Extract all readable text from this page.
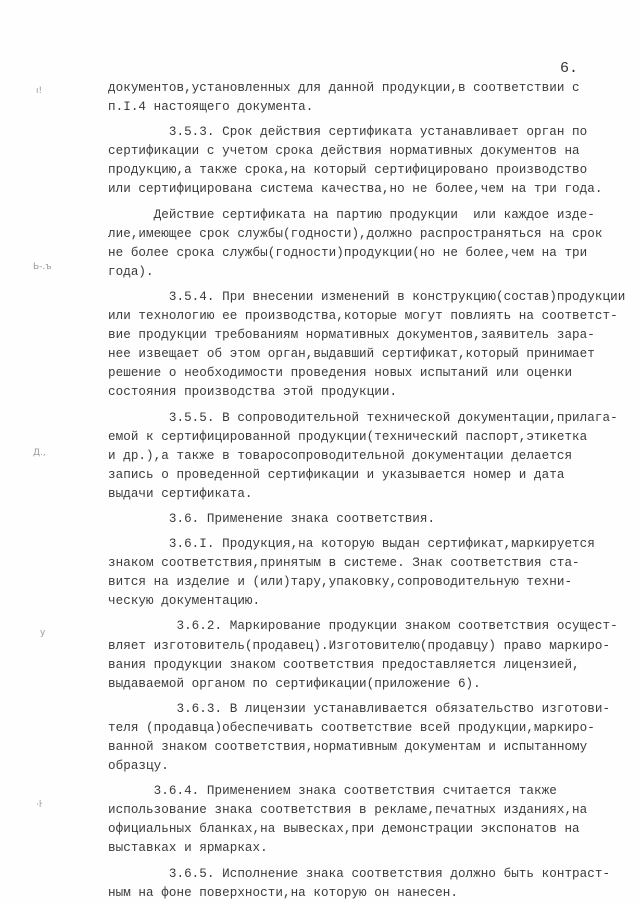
6.
ı!
Ь-.ъ
Д.,
у
·ŀ
документов,установленных для данной продукции,в соответствии с
п.I.4 настоящего документа.
3.5.3. Срок действия сертификата устанавливает орган по
сертификации с учетом срока действия нормативных документов на
продукцию,а также срока,на который сертифицировано производство
или сертифицирована система качества,но не более,чем на три года.
Действие сертификата на партию продукции  или каждое изде-
лие,имеющее срок службы(годности),должно распространяться на срок
не более срока службы(годности)продукции(но не более,чем на три
года).
3.5.4. При внесении изменений в конструкцию(состав)продукции
или технологию ее производства,которые могут повлиять на соответст-
вие продукции требованиям нормативных документов,заявитель зара-
нее извещает об этом орган,выдавший сертификат,который принимает
решение о необходимости проведения новых испытаний или оценки
состояния производства этой продукции.
3.5.5. В сопроводительной технической документации,прилага-
емой к сертифицированной продукции(технический паспорт,этикетка
и др.),а также в товаросопроводительной документации делается
запись о проведенной сертификации и указывается номер и дата
выдачи сертификата.
3.6. Применение знака соответствия.
3.6.I. Продукция,на которую выдан сертификат,маркируется
знаком соответствия,принятым в системе. Знак соответствия ста-
вится на изделие и (или)тару,упаковку,сопроводительную техни-
ческую документацию.
3.6.2. Маркирование продукции знаком соответствия осущест-
вляет изготовитель(продавец).Изготовителю(продавцу) право маркиро-
вания продукции знаком соответствия предоставляется лицензией,
выдаваемой органом по сертификации(приложение 6).
3.6.3. В лицензии устанавливается обязательство изготови-
теля (продавца)обеспечивать соответствие всей продукции,маркиро-
ванной знаком соответствия,нормативным документам и испытанному
образцу.
3.6.4. Применением знака соответствия считается также
использование знака соответствия в рекламе,печатных изданиях,на
официальных бланках,на вывесках,при демонстрации экспонатов на
выставках и ярмарках.
3.6.5. Исполнение знака соответствия должно быть контраст-
ным на фоне поверхности,на которую он нанесен.
